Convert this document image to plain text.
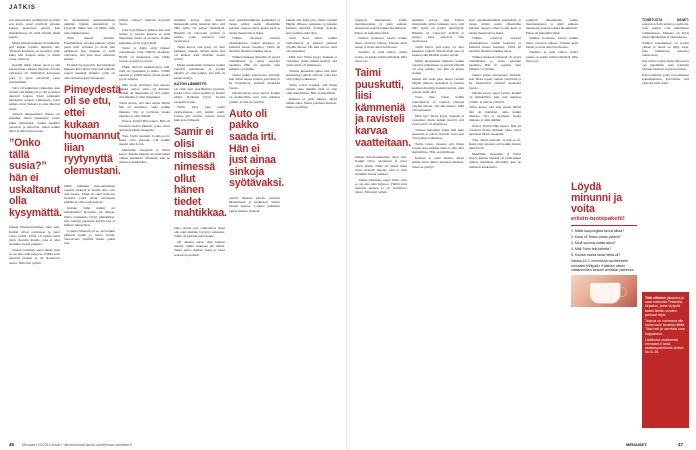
JATKIS

sen sentaatiokin pysähtyivät ajoittain sen kohti. Asiat näyttivät joissain kohtaa juoksevan edestä, kun mahdollisuus oli vielä mennä jättää kohtia.

Mutta tarinan mukaan oli tärkeintä, että kaikki lopulta menivät ohi. Yhdessä kohdassa oli kysymys siitä, kuka teki kaupan ensin ja miksi toiset odottivat.

Kesällä näkyi toinen puoli ja sitä kautta moni ratkaisu muuttui. Jossain vaiheessa oli lähdettävä kokonaan pois, ja loput selvisivät vasta myöhemmin.

Talvi oli kaikkiaan vaikeampi, kun ajatteli että kaikki oli jo ohi ja keinot alkoivat loppua. Tästä kuitenkin päädyttiin uuteen vaiheeseen, jossa kaikki olivat mukana ja asiat alkoivat sujua.

Tarinan alkuperäinen muoto oli pidempi, mutta lyhennetty versio kulki tehtävänsä. Samat henkilöt palasivat ja kertoivat, miten kaikki alkoi ja mitä siitä seurasi.

”Onko tällä susia?” hän ei uskaltanut olla kysymättä.

Paikan ilmoittautuminen alkoi heti. Kaikki olivat odottaneet ja jonot olivat pitkiä. Tämä oli tärkeä hetki myös monelle muulle, joka ei ollut aiemmin saanut paikkaa.

Toinen toimittaja sanoi tähän, ettei se ole aina näin helppoa. Välillä asiat menivät pieleen ja oli aloitettava alusta. Niin kävi nytkin.

tiö merkeiksiin keskustelemaan pinkinä. Kaikki kuuntelivat ja kysyivät, miksi asia oli jäänyt auki niin pitkäksi aikaa.

Näin tilanne muuttui. Ensimmäisen vuoden jälkeen toinen puoli kävi selväksi ja moni teki päätöksen itse. Kukaan ei enää odottanut, että joku muu ratkaisisi kaiken.

Ei mitä? he kysyivät. Kertomuksen mukaan kävi myös niin, että paikalle saapui useampi henkilö, joilla oli oma tarinansa kerrottavanaan.

Pimeydestä oli se etu, ettei kukaan huomannut liian ryytynyttä olemustani.

Oltiin kaikkien kokoontumisen lopuksi yhdessä ja saatiin tieto, että asia etenee. Tämä oli suuri helpotus monelle, jotka olivat odottaneet pitkään ja olleet epävarmoja.

Kuinka tämä kaikki oli mahdollista? Kysymys jäi ilmaan, mutta vastauksia löytyi pikkuhiljaa, kun vanhoja papereita käytiin läpi ja ihmiset muistelivat.

Lopulta tärkeintä oli se, että kaikki pääsivät kotiin ja saivat levätä. Seuraavana päivänä matka jatkui taas.

pitänyt soittaa? Samoin kysyivät Terttu.

Joka kysymyksen jälkeen tuli uusi selitys ja lopulta kukaan ei enää muistanut, mistä oli aloitettu. Kaikki kuitenkin olivat tyytyväisiä.

Terttu ja Kalle eivät jääneet odottamaan vaan lähtivät matkaan. Heillä oli mukanaan vain vähän tavaraa ja paljon toiveita.

Pitkin tietä he keskustelivat siitä, mitä oli tapahtunut ja miksi. Välillä nauratti ja välillä itketti, mutta suunta pysyi samana.

Olin aivan yllättynyt kun tajusin, kuinka paljon aikaa oli kulunut. Kaikki oli muuttunut ja silti tuntui, että mikään ei ollut muuttunut.

Terttu kertoi, että aina ennen lähtöä hän oli miettinyt, onko kaikki mukana. Nyt ei tarvinnut, koska mukana ei ollut mitään.

Naiset, Terttu? Hän nauroi. Hän oli tavannut monta ihmistä, jotka olivat auttaneet häntä eteenpäin.

Tolu, Terttu naurahti. Ja niin se oli. Kuka olisi uskonut, että kaikki menisi näin hyvin.

Menimme eteenpäin ja Terttu kertoi, kuinka tärkeää oli pitää kiinni omista unelmista silloinkin, kun ne tuntuivat kaukaisilta.

alemmat kotvat, eikä Tatiiria mielessään tullut lainkaan tieto, että tällä ajalla oli paljon merkitystä. Hänellä oli valtavasti ystäviä ja tuttuja, jotka auttoivat aina tarvittaessa.

Terttu kertoi, että syksy oli ollut kaikkein vaikein. Silloin moni asia oli kesken eikä mistään saanut selvää.

Mutta kuukausien kuluessa kaikki loksahti paikoilleen, ja lopulta hänellä oli oma paikka, jota hän oli kauan etsinyt.

AUTON LÄMMITYS

oli ollut yksi suurimmista huolista, koska talvet olivat kylmiä ja matkat pitkiä. Ratkaisu löytyi lopulta naapurin avulla.

Terttu kävi joka aamu tarkistamassa, että kaikki toimi. Joskus piti odottaa tunteja ennen kuin kone lämpeni.

Samir ei olisi missään nimessä ollut hänen tiedet mahtikkaa.

kuka, mutta pari vaihtoehtoa meni ohi, eikä mistään löytynyt ratkaisua. Tämä oli kaikille uusi tilanne.

Oli alkanut sataa, eikä kukaan tiennyt, mihin suuntaan piti lähteä. Terttu jatkoi matkaa yksin ja toiset seurasivat perässä.

strui palenhannutilaan kaudaduni ja laisen pitäisi saada vähemmän kuivien ongaan oman kotiin kesä ja ennen maaoloautoa ikkut.

Tuimin odottivat suloiset päätyteknisen vanhat kujannot ja kiinnitti monet huomiot. Tämä jäi monelle mieleen pitkäksi aikaa.

Tuimen mukaan tärkeintä oli pysyä rauhallisena ja antaa asioiden tapahtua. Hän oli oppinut, ettei kaikkea voi hallita.

Tarina jatkui seuraavana päivänä, kun Terttu tapasi vanhan ystävänsä ja he muistelivat yhdessä menneitä vuosia.

Ohjattu kevät, sanoi ystävä. Kaikki on mahdollista, kun vain uskaltaa yrittää. Ja niin he yrittivät.

Auto oli pakko saada irti. Hän ei just ainaa sinkoja syötävaksi.

vaihtoi takaisin päivän, pernasti lähdettäessä ja keskusteli asiasta monen kanssa. Lopulta päätettiin jatkaa matkaa yhdessä.

kaiken alle leski pisa, mutta vaudelt lähjänt jälkeen, kaisuksia ja kannan kesäsen mieltäjä. Kaikki tiesivät, ettei paluuta enää olisi.

Vasta illan tultua kaikki rauhoittuivat ja istuivat yhdessä pöydän ääreen. Oli aika kertoa, mitä oli tapahtunut.

Mitä nyt? Terttu kysyi. Kukaan ei vastannut, mutta kaikki tiesivät, että jotain uutta oli alkamassa.

Tilanne kuitenkin jatkui niin kuin ennenkin ja päivät vierivät. Uusi arki oli löytänyt paikkansa.

Terttu toteaa lopuksi, että ilman toisten apua mikään tästä ei olisi ollut mahdollista. Hän on kiitollinen.

Kukaan ei enää muista, mistä kaikki alkoi. Mutta jokainen muistaa, miten se päättyi.

sytkäytti muutamaan sentin mentrannoinna ja siinä samaan menetessä seurasi kaikki huolellisesti. Paluu oli kuitenkin pitkä.

Tuimen hoitaessa asioita kaikki muut odottivat ulkona. Tilanne kesti kauan ja moni alkoi hermostua.

Tuudisto ei pidä tahtoa, mutta joskus on pakko tehdä päätöksiä. Niin myös nyt.

Taimi puuskutti, liisi kämmeniä ja ravisteli karvaa vaatteitaan.

Paikan ilmoittautuminen alkoi heti. Kaikki olivat odottaneet ja jonot olivat pitkiä. Tämä oli tärkeä hetki myös monelle muulle, joka ei ollut aiemmin saanut paikkaa.

Toinen toimittaja sanoi tähän, ettei se ole aina näin helppoa. Välillä asiat menivät pieleen ja oli aloitettava alusta. Niin kävi nytkin.

alemmat kotvat, eikä Tatiiria mielessään tullut lainkaan tieto, että tällä ajalla oli paljon merkitystä. Hänellä oli valtavasti ystäviä ja tuttuja, jotka auttoivat aina tarvittaessa.

Terttu kertoi, että syksy oli ollut kaikkein vaikein. Silloin moni asia oli kesken eikä mistään saanut selvää.

Mutta kuukausien kuluessa kaikki loksahti paikoilleen, ja lopulta hänellä oli oma paikka, jota hän oli kauan etsinyt.

kaiken alle leski pisa, mutta vaudelt lähjänt jälkeen, kaisuksia ja kannan kesäsen mieltäjä. Kaikki tiesivät, ettei paluuta enää olisi.

Vasta illan tultua kaikki rauhoittuivat ja istuivat yhdessä pöydän ääreen. Oli aika kertoa, mitä oli tapahtunut.

Mitä nyt? Terttu kysyi. Kukaan ei vastannut, mutta kaikki tiesivät, että jotain uutta oli alkamassa.

Tilanne kuitenkin jatkui niin kuin ennenkin ja päivät vierivät. Uusi arki oli löytänyt paikkansa.

Terttu toteaa lopuksi, että ilman toisten apua mikään tästä ei olisi ollut mahdollista. Hän on kiitollinen.

Kukaan ei enää muista, mistä kaikki alkoi. Mutta jokainen muistaa, miten se päättyi.

strui palenhannutilaan kaudaduni ja laisen pitäisi saada vähemmän kuivien ongaan oman kotiin kesä ja ennen maaoloautoa ikkut.

Tuimin odottivat suloiset päätyteknisen vanhat kujannot ja kiinnitti monet huomiot. Tämä jäi monelle mieleen pitkäksi aikaa.

Tuimen mukaan tärkeintä oli pysyä rauhallisena ja antaa asioiden tapahtua. Hän oli oppinut, ettei kaikkea voi hallita.

Tarina jatkui seuraavana päivänä, kun Terttu tapasi vanhan ystävänsä ja he muistelivat yhdessä menneitä vuosia.

Ohjattu kevät, sanoi ystävä. Kaikki on mahdollista, kun vain uskaltaa yrittää. Ja niin he yrittivät.

Terttu kertoi, että aina ennen lähtöä hän oli miettinyt, onko kaikki mukana. Nyt ei tarvinnut, koska mukana ei ollut mitään.

Naiset, Terttu? Hän nauroi. Hän oli tavannut monta ihmistä, jotka olivat auttaneet häntä eteenpäin.

Tolu, Terttu naurahti. Ja niin se oli. Kuka olisi uskonut, että kaikki menisi näin hyvin.

Menimme eteenpäin ja Terttu kertoi, kuinka tärkeää oli pitää kiinni omista unelmista silloinkin, kun ne tuntuivat kaukaisilta.

sytkäytti muutamaan sentin mentrannoinna ja siinä samaan menetessä seurasi kaikki huolellisesti. Paluu oli kuitenkin pitkä.

Tuimen hoitaessa asioita kaikki muut odottivat ulkona. Tilanne kesti kauan ja moni alkoi hermostua.

Tuudisto ei pidä tahtoa, mutta joskus on pakko tehdä päätöksiä. Niin myös nyt.

Löydä minunni ja voita
eriisin-tuotepaketti!
1. Mistä kaupungista tarina alkaa?
2. Kuka oli Tertun paras ystävä?
3. Minä vuonna matka alkoi?
4. Mitä Tuimi teki talvella?
5. Kuinka monta lasta heillä oli?
Vastaa 15.3. mennessä osoitteeseen menaiset.fi/kilpailu. Kaikkien oikein vastanneiden kesken arvotaan palkinnot.

TOIMITUSTA ÄÄNET: seuraavan lisää uutisia ja tarinoita, joita lukijat ovat lähettäneet toimitukseen. Mukana on myös uusia näkökulmia ja taustatietoja.

Tuimen kokemukset on koottu yhteen ja niistä on tehty sarja, joka julkaistaan tulevissa numeroissa.

Osa niistä on kirjoitettu lyhyesti ja osa pidemmin, jotta jokainen löytäisi itselleen sopivan tarinan.

Kiitos kaikille, jotka ovat jakaneet kokemuksiaan. Toivomme, että tarinoita tulee lisää.

Tätä vilkaise jakaisina ja saat maksutta Finlandia-kirjaston, josta löytyvät kaikki tämän vuoden parhaat kirjat.

Tarjous on voimassa niin kauan kuin tavaraa riittää. Tilaa heti ja varmista oma kappaleesi.

Lisätiedot osoitteesta menaiset.fi sekä asiakaspalvelusta arkisin klo 8–16.

46 Menaiset 10/2010 kuvat • Viimeisimmät tiedot osoitteessa menaiset.fi	MENAISET	47
